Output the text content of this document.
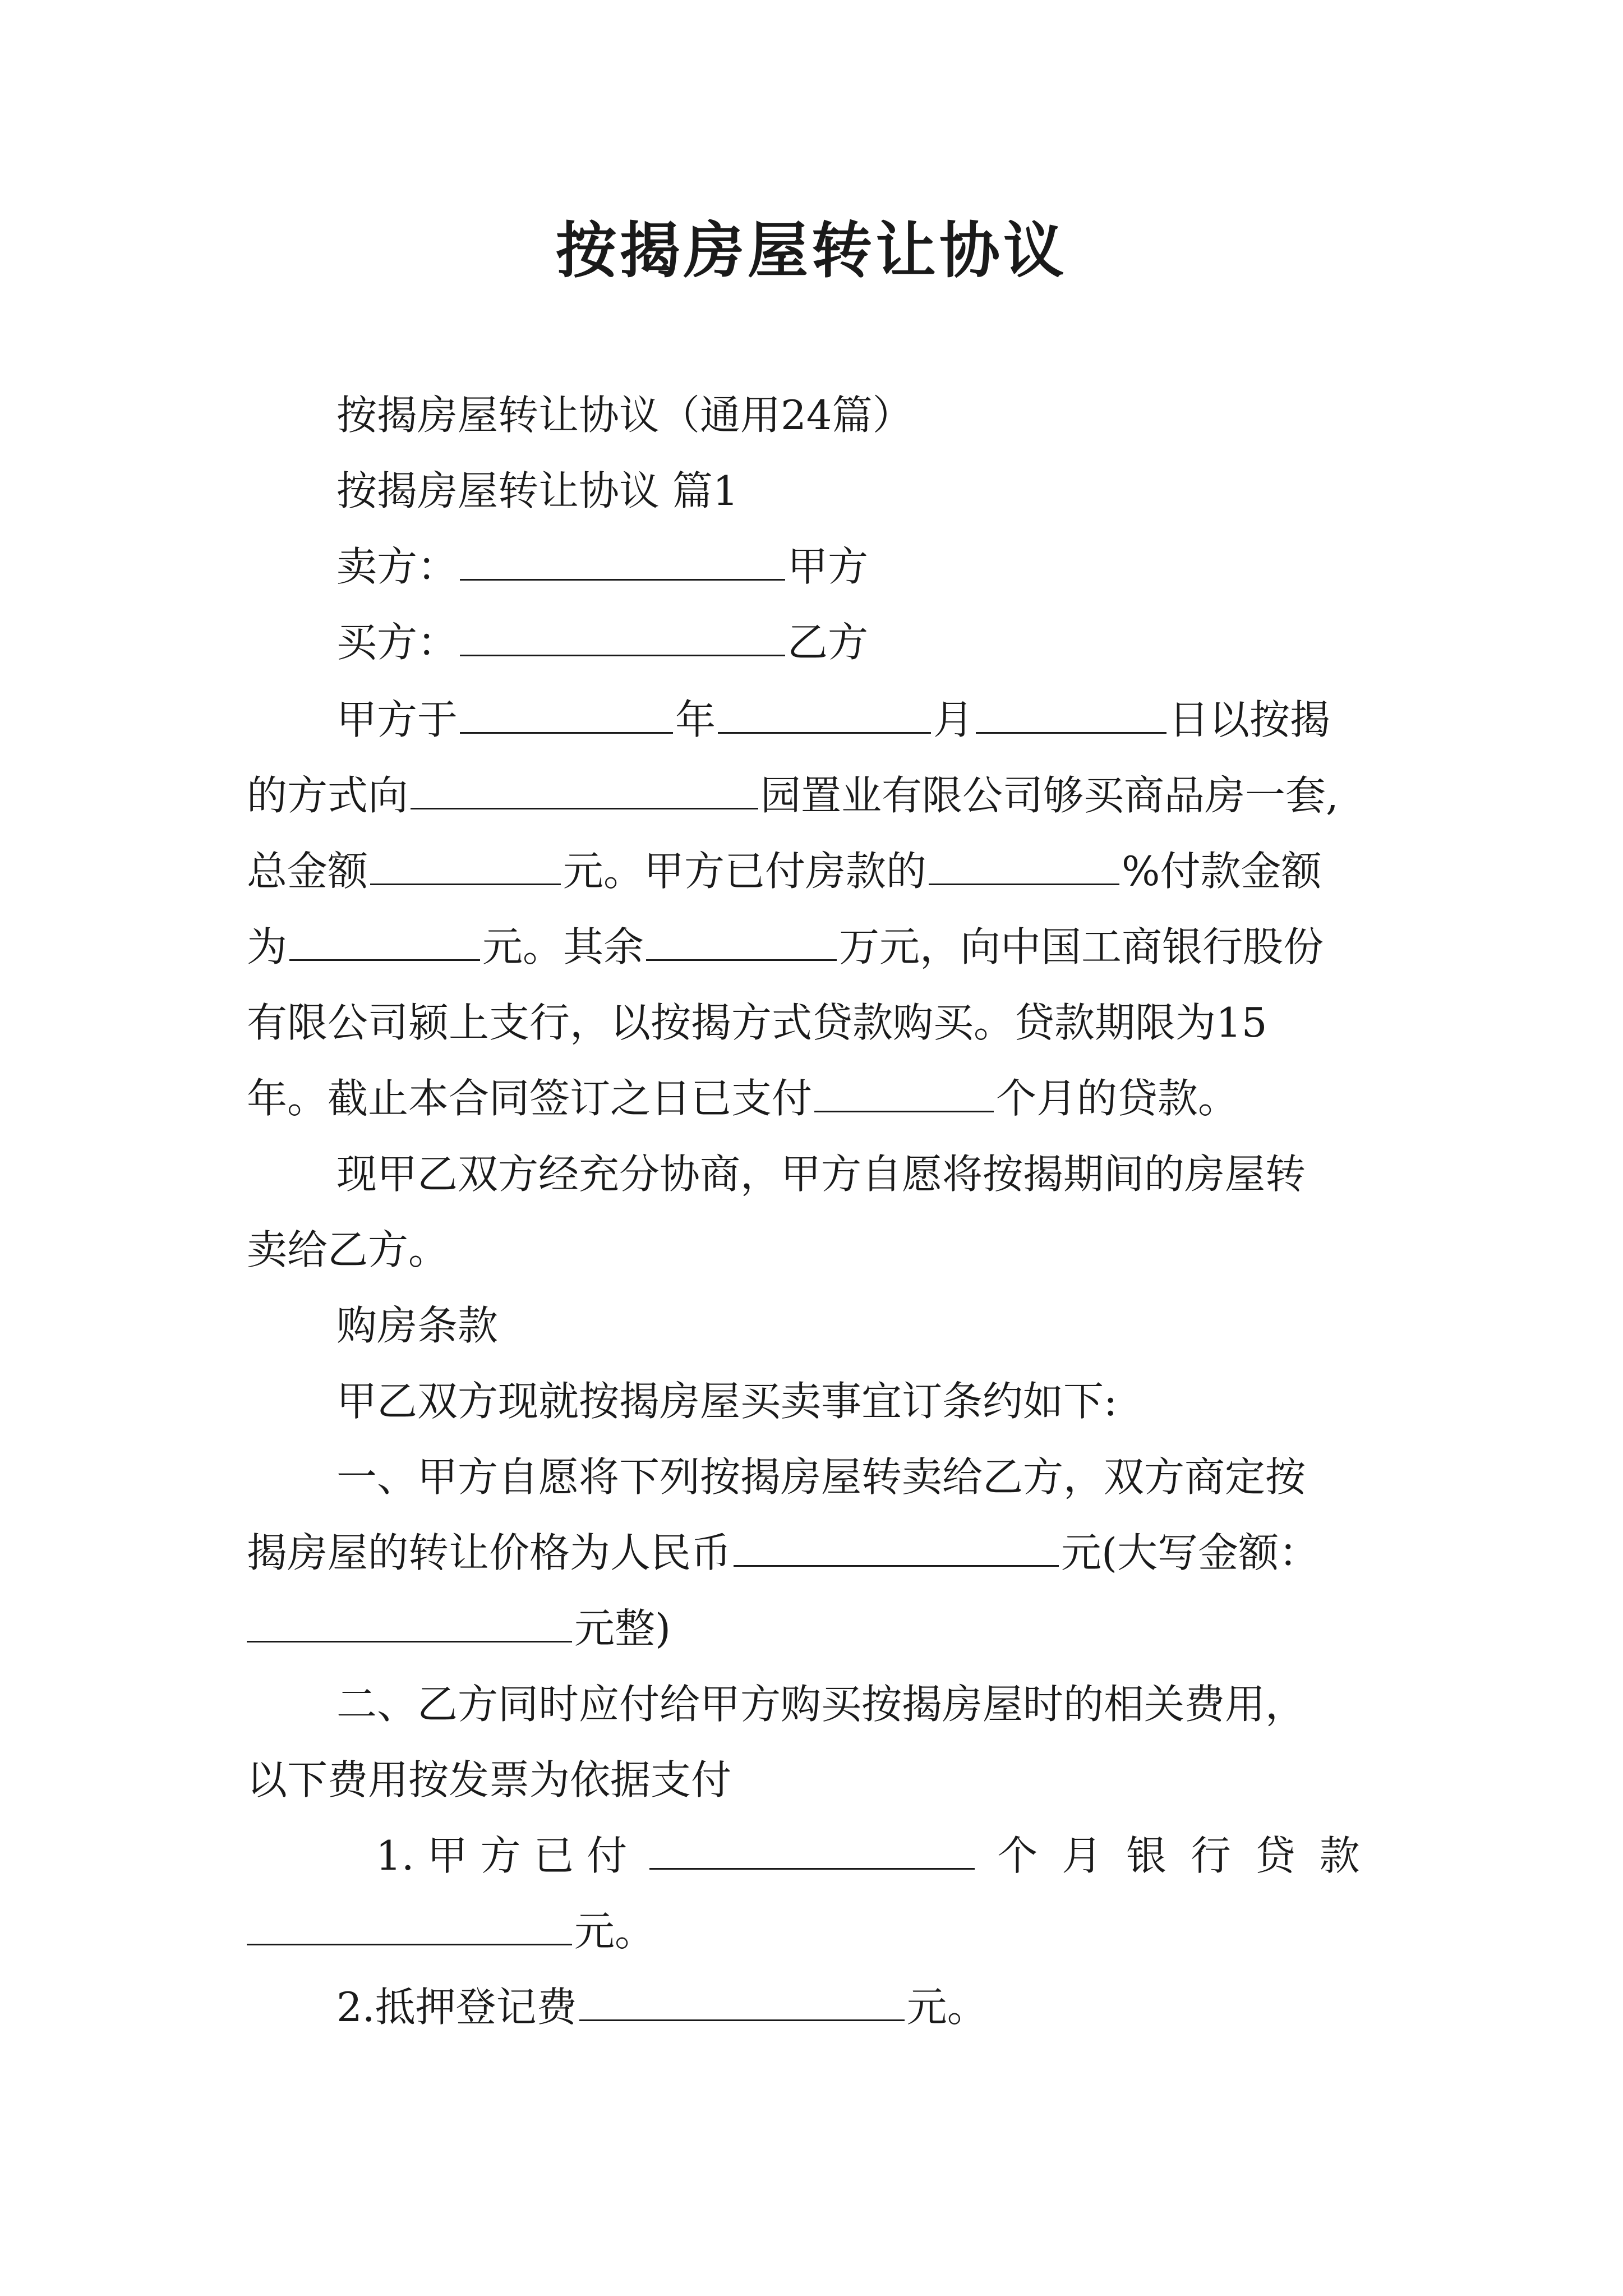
按揭房屋转让协议
按揭房屋转让协议（通用24篇）
按揭房屋转让协议 篇1
卖方：	甲方
买方：	乙方
甲方于	年	月	日以按揭
的方式向	园置业有限公司够买商品房一套,
总金额	元。甲方已付房款的	%付款金额
为	元。其余	万元，向中国工商银行股份
有限公司颍上支行，以按揭方式贷款购买。贷款期限为15
年。截止本合同签订之日已支付	个月的贷款。
现甲乙双方经充分协商，甲方自愿将按揭期间的房屋转
卖给乙方。
购房条款
甲乙双方现就按揭房屋买卖事宜订条约如下:
一、甲方自愿将下列按揭房屋转卖给乙方，双方商定按
揭房屋的转让价格为人民币	元(大写金额：
元整)
二、乙方同时应付给甲方购买按揭房屋时的相关费用，
以下费用按发票为依据支付
1. 甲 方 已 付	个 月 银 行 贷 款
元。
2.抵押登记费	元。
